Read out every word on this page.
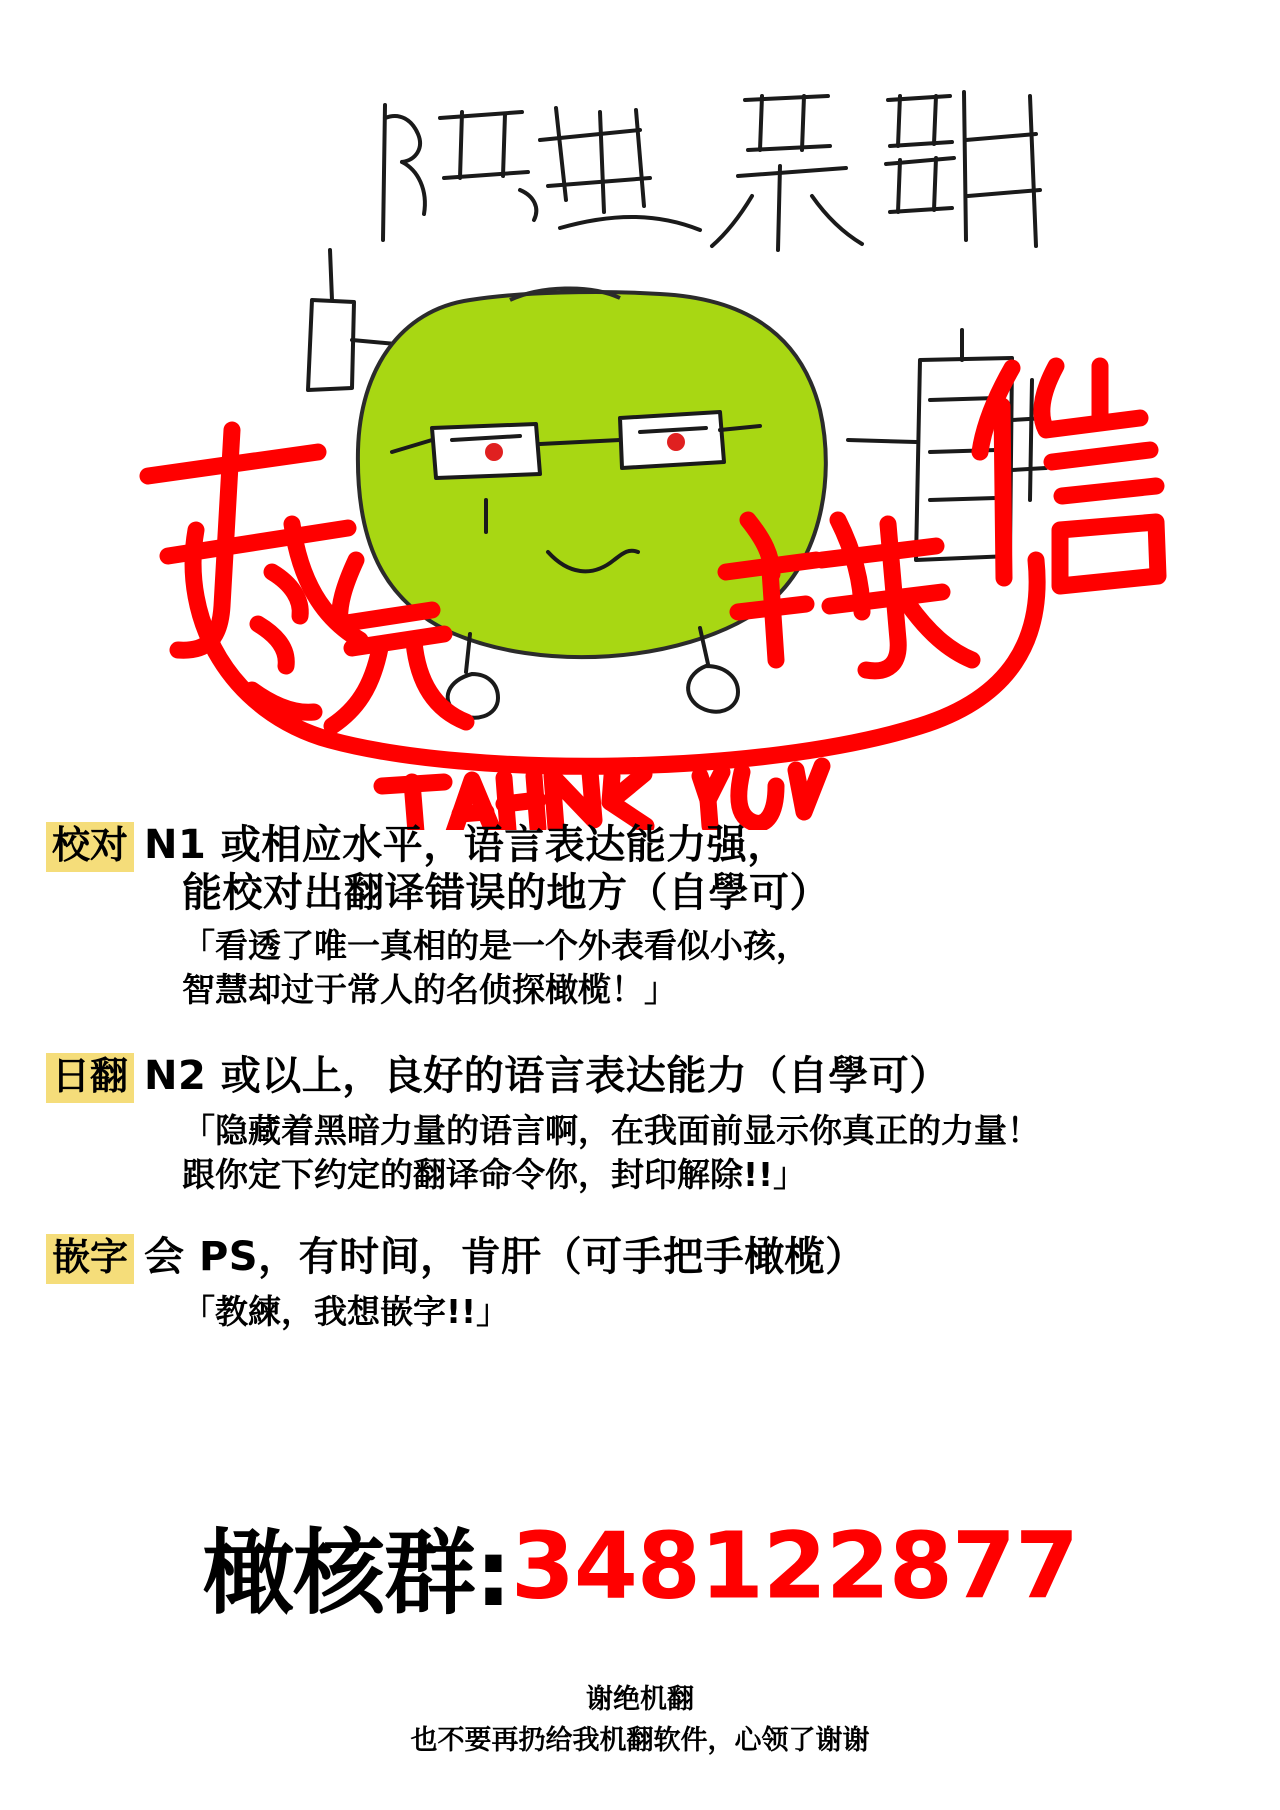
校对 N1 或相应水平，语言表达能力强，
能校对出翻译错误的地方（自學可）
「看透了唯一真相的是一个外表看似小孩，
智慧却过于常人的名侦探橄榄！」
日翻 N2 或以上，良好的语言表达能力（自學可）
「隐藏着黑暗力量的语言啊，在我面前显示你真正的力量！
跟你定下约定的翻译命令你，封印解除!!」
嵌字 会 PS，有时间，肯肝（可手把手橄榄）
「教練，我想嵌字!!」
橄核群:348122877
谢绝机翻
也不要再扔给我机翻软件，心领了谢谢
